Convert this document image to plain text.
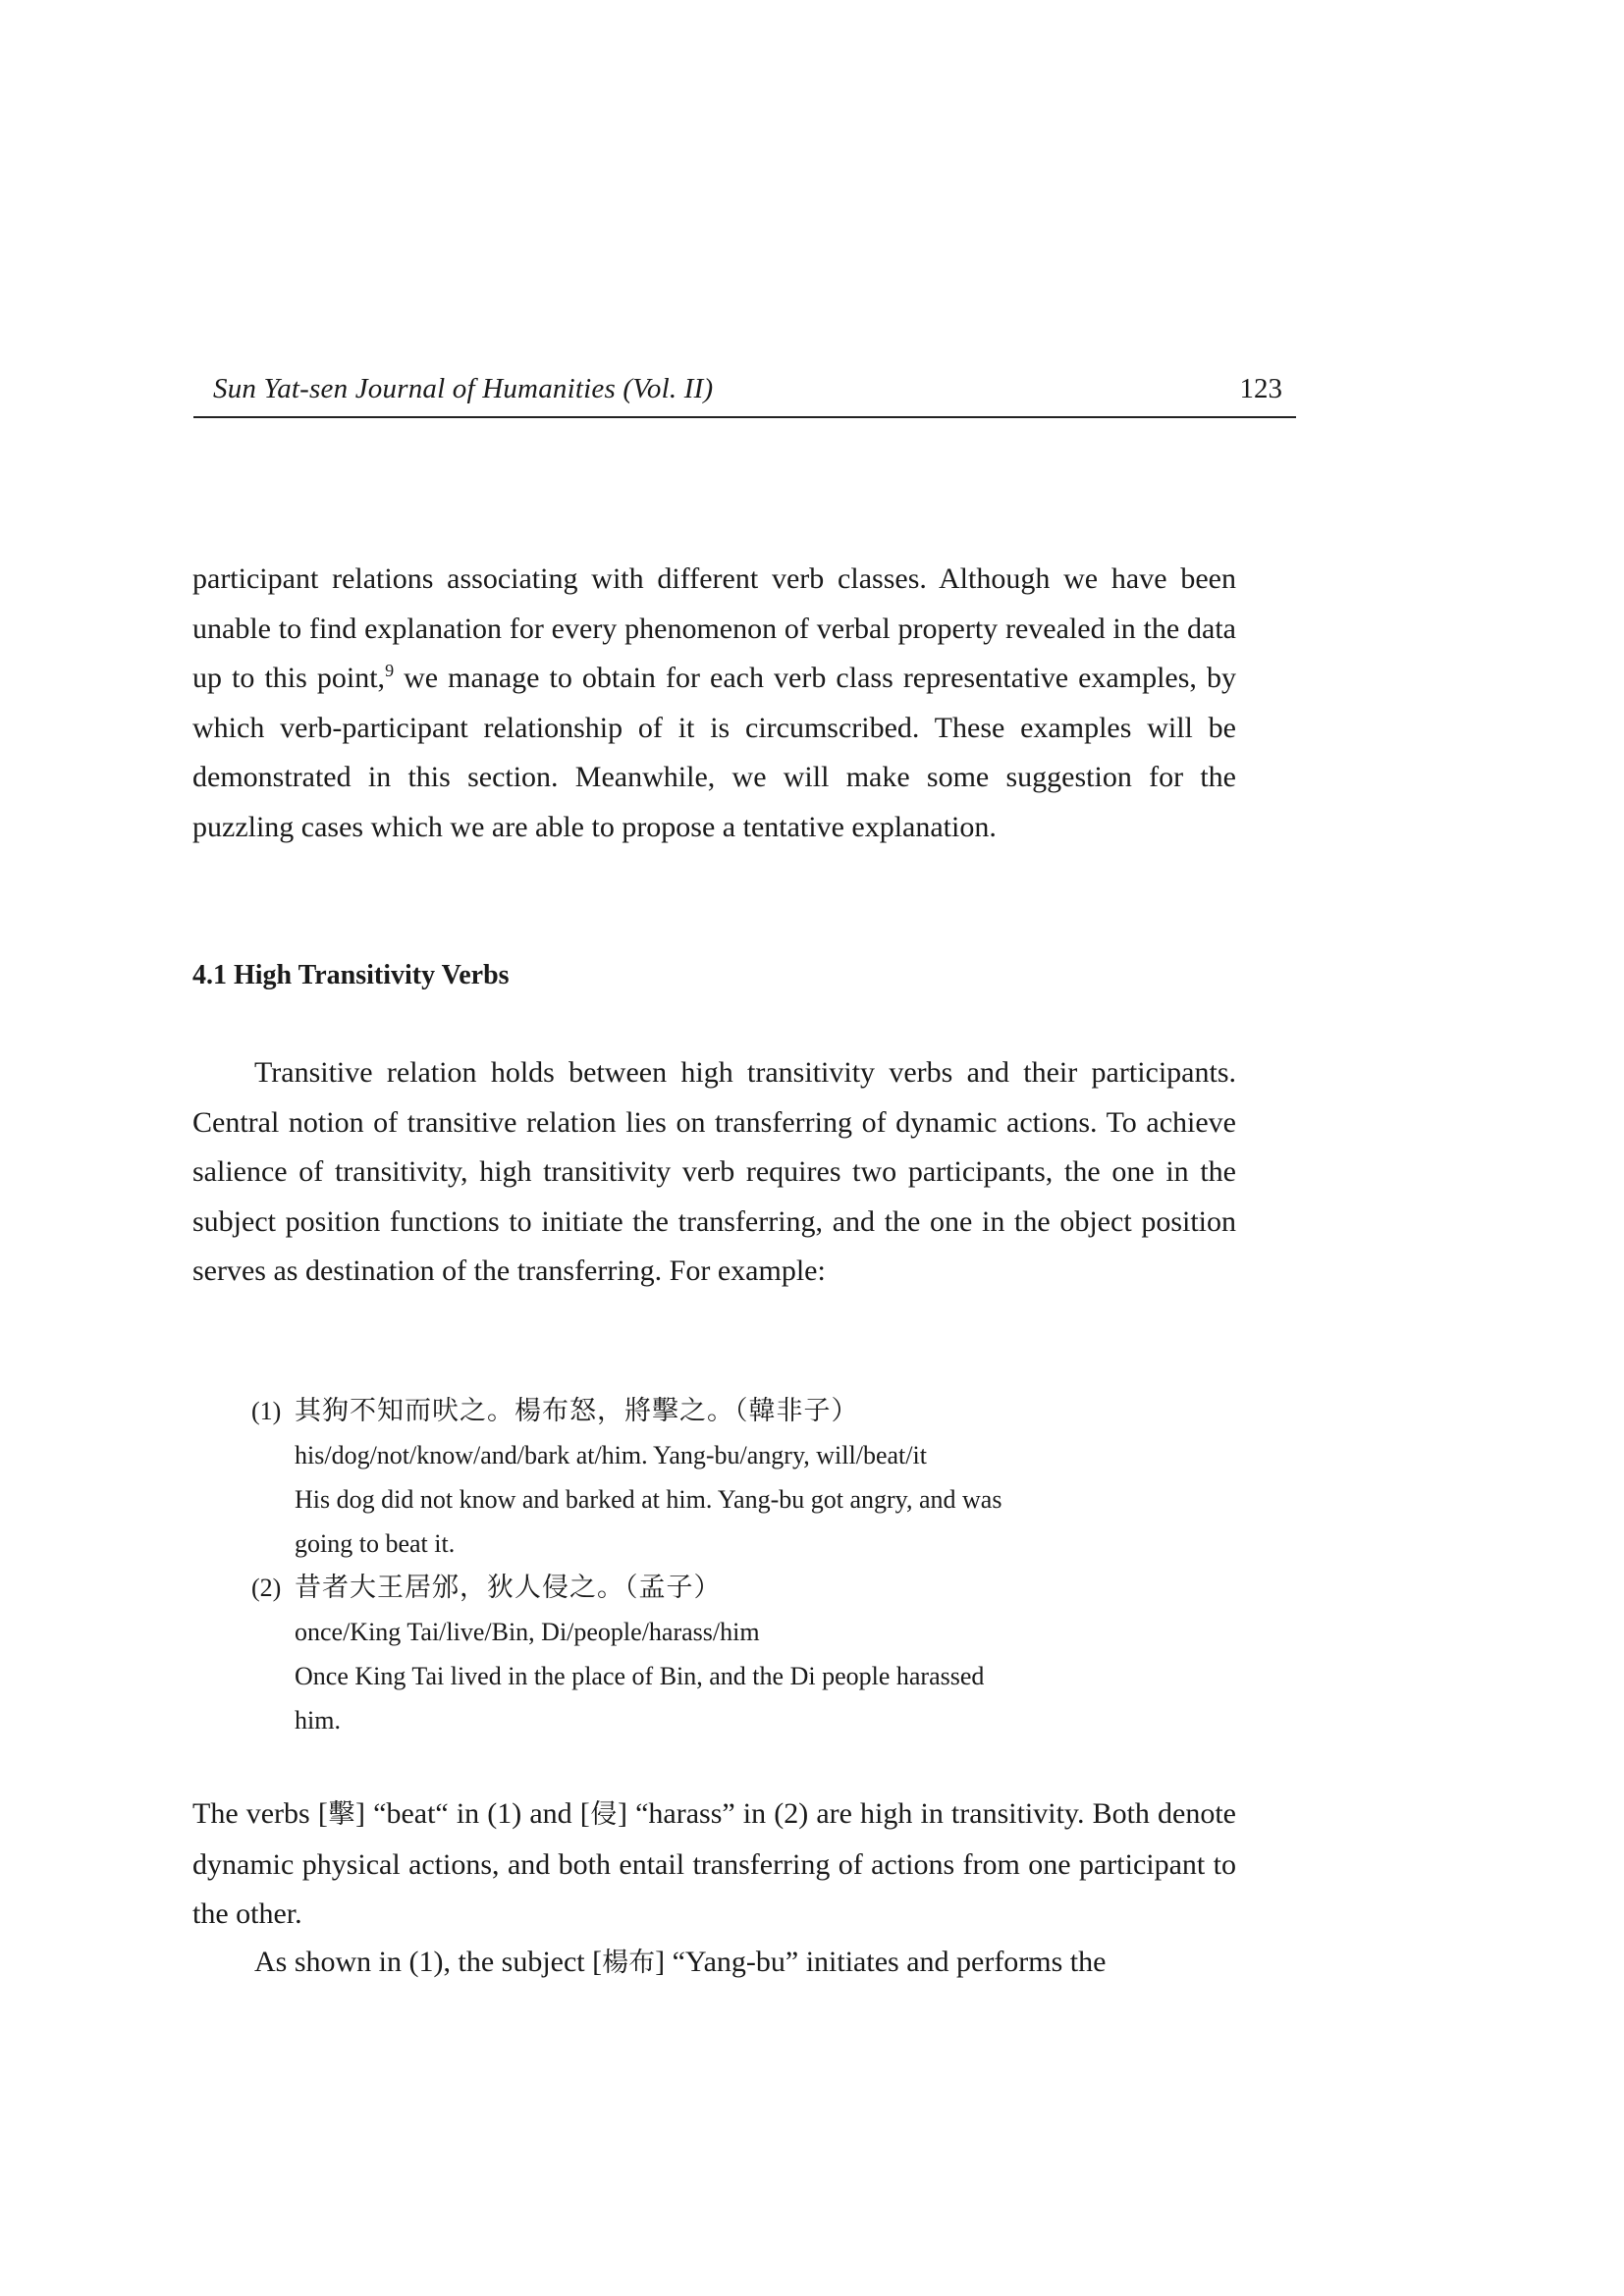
Sun Yat-sen Journal of Humanities (Vol. II)	123

participant relations associating with different verb classes. Although we have been unable to find explanation for every phenomenon of verbal property revealed in the data up to this point,$^9$ we manage to obtain for each verb class representative examples, by which verb-participant relationship of it is circumscribed. These examples will be demonstrated in this section. Meanwhile, we will make some suggestion for the puzzling cases which we are able to propose a tentative explanation.

4.1 High Transitivity Verbs

Transitive relation holds between high transitivity verbs and their participants. Central notion of transitive relation lies on transferring of dynamic actions. To achieve salience of transitivity, high transitivity verb requires two participants, the one in the subject position functions to initiate the transferring, and the one in the object position serves as destination of the transferring. For example:

(1) 其狗不知而吠之。楊布怒，將擊之。（韓非子）
his/dog/not/know/and/bark at/him. Yang-bu/angry, will/beat/it
His dog did not know and barked at him. Yang-bu got angry, and was
going to beat it.
(2) 昔者大王居邠，狄人侵之。（孟子）
once/King Tai/live/Bin, Di/people/harass/him
Once King Tai lived in the place of Bin, and the Di people harassed
him.

The verbs [擊] “beat“ in (1) and [侵] “harass” in (2) are high in transitivity. Both denote dynamic physical actions, and both entail transferring of actions from one participant to the other.

As shown in (1), the subject [楊布] “Yang-bu” initiates and performs the
